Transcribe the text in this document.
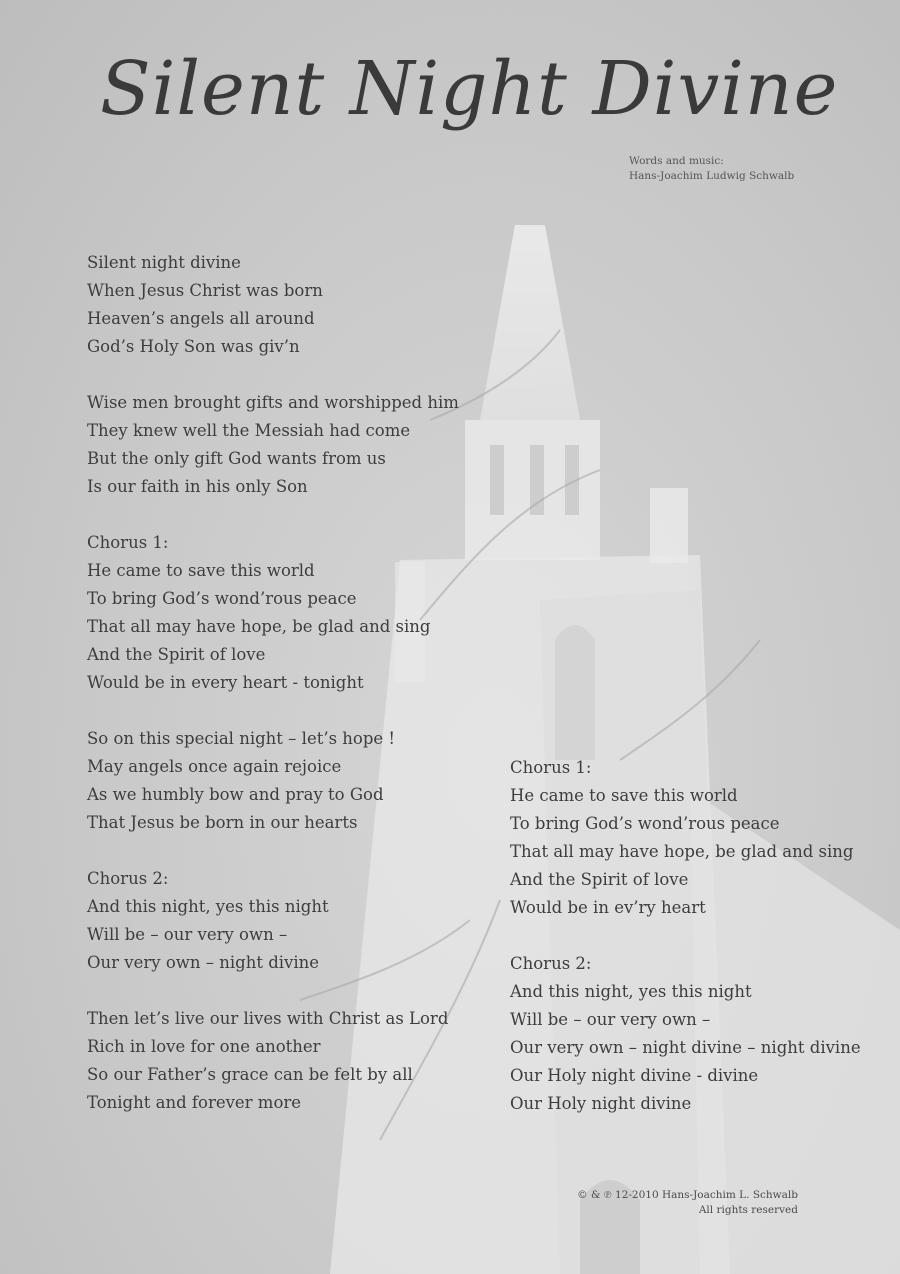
Silent Night Divine
Words and music:
Hans-Joachim Ludwig Schwalb
Silent night divine
When Jesus Christ was born
Heaven’s angels all around
God’s Holy Son was giv’n
Wise men brought gifts and worshipped him
They knew well the Messiah had come
But the only gift God wants from us
Is our faith in his only Son
Chorus 1:
He came to save this world
To bring God’s wond’rous peace
That all may have hope, be glad and sing
And the Spirit of love
Would be in every heart - tonight
So on this special night – let’s hope !
May angels once again rejoice
As we humbly bow and pray to God
That Jesus be born in our hearts
Chorus 2:
And this night, yes this night
Will be – our very own –
Our very own – night divine
Then let’s live our lives with Christ as Lord
Rich in love for one another
So our Father’s grace can be felt by all
Tonight and forever more
Chorus 1:
He came to save this world
To bring God’s wond’rous peace
That all may have hope, be glad and sing
And the Spirit of love
Would be in ev’ry heart
Chorus 2:
And this night, yes this night
Will be – our very own –
Our very own – night divine – night divine
Our Holy night divine - divine
Our Holy night divine
© & ℗ 12-2010 Hans-Joachim L. Schwalb
All rights reserved
